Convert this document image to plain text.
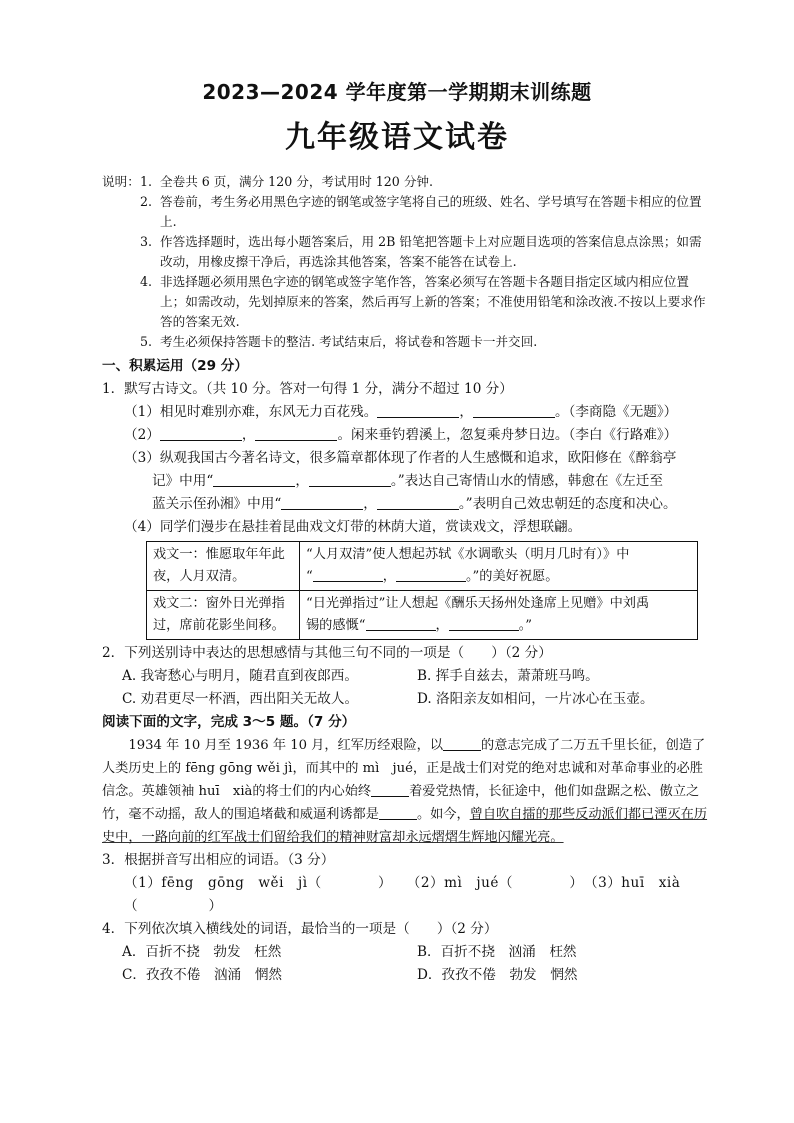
2023—2024 学年度第一学期期末训练题
九年级语文试卷
说明： 1. 全卷共 6 页，满分 120 分，考试用时 120 分钟.
2. 答卷前，考生务必用黑色字迹的钢笔或签字笔将自己的班级、姓名、学号填写在答题卡相应的位置上.
3. 作答选择题时，选出每小题答案后，用 2B 铅笔把答题卡上对应题目选项的答案信息点涂黑；如需改动，用橡皮擦干净后，再选涂其他答案，答案不能答在试卷上.
4. 非选择题必须用黑色字迹的钢笔或签字笔作答，答案必须写在答题卡各题目指定区域内相应位置上；如需改动，先划掉原来的答案，然后再写上新的答案；不准使用铅笔和涂改液.不按以上要求作答的答案无效.
5. 考生必须保持答题卡的整洁. 考试结束后，将试卷和答题卡一并交回.
一、积累运用（29 分）
1．默写古诗文。（共 10 分。答对一句得 1 分，满分不超过 10 分）
（1）相见时难别亦难，东风无力百花残。	，	。（李商隐《无题》）
（2）	，	。闲来垂钓碧溪上，忽复乘舟梦日边。（李白《行路难》）
（3）纵观我国古今著名诗文，很多篇章都体现了作者的人生感慨和追求，欧阳修在《醉翁亭
记》中用“	，	。”表达自己寄情山水的情感，韩愈在《左迁至
蓝关示侄孙湘》中用“	，	。”表明自己效忠朝廷的态度和决心。
（4）同学们漫步在悬挂着昆曲戏文灯带的林荫大道，赏读戏文，浮想联翩。
戏文一：惟愿取年年此夜，人月双清。	“人月双清”使人想起苏轼《水调歌头（明月几时有）》中
“ ， 。”的美好祝愿。
戏文二：窗外日光弹指过，席前花影坐间移。	“日光弹指过”让人想起《酬乐天扬州处逢席上见赠》中刘禹
锡的感慨“ ， 。”
2．下列送别诗中表达的思想感情与其他三句不同的一项是（　　）（2 分）
A. 我寄愁心与明月，随君直到夜郎西。	B. 挥手自兹去，萧萧班马鸣。
C. 劝君更尽一杯酒，西出阳关无故人。	D. 洛阳亲友如相问，一片冰心在玉壶。
阅读下面的文字，完成 3～5 题。（7 分）
1934 年 10 月至 1936 年 10 月，红军历经艰险，以	的意志完成了二万五千里长征，创造了人类历史上的 fēng gōng wěi jì，而其中的 mì　jué，正是战士们对党的绝对忠诚和对革命事业的必胜信念。英雄领袖 huī　xià的将士们的内心始终	着爱党热情，长征途中，他们如盘踞之松、傲立之竹，毫不动摇，敌人的围追堵截和威逼利诱都是	。如今，曾自吹自擂的那些反动派们都已湮灭在历史中，一路向前的红军战士们留给我们的精神财富却永远熠熠生辉地闪耀光亮。
3．根据拼音写出相应的词语。（3 分）
（1）fēng　gōng　wěi　jì（　　　　）　　（2）mì　jué（　　　　）　（3）huī　xià（　　　　　）
4．下列依次填入横线处的词语，最恰当的一项是（　　）（2 分）
A．百折不挠　勃发　枉然	B．百折不挠　汹涌　枉然
C．孜孜不倦　汹涌　惘然	D．孜孜不倦　勃发　惘然
